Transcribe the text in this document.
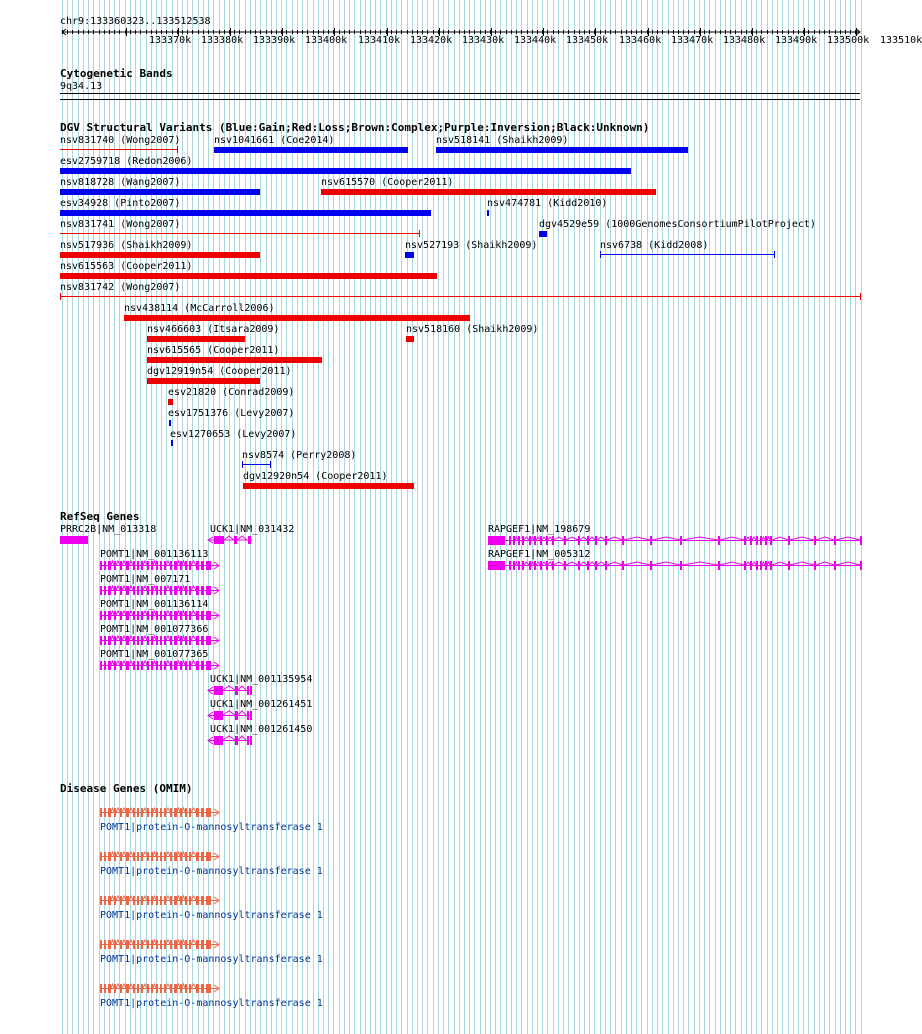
chr9:133360323..133512538
Cytogenetic Bands
9q34.13
DGV Structural Variants (Blue:Gain;Red:Loss;Brown:Complex;Purple:Inversion;Black:Unknown)
nsv831740 (Wong2007)	nsv1041661 (Coe2014)	nsv518141 (Shaikh2009)
esv2759718 (Redon2006)
nsv818728 (Wang2007)	nsv615570 (Cooper2011)
esv34928 (Pinto2007)	nsv474781 (Kidd2010)
nsv831741 (Wong2007)	dgv4529e59 (1000GenomesConsortiumPilotProject)
nsv517936 (Shaikh2009)	nsv527193 (Shaikh2009)	nsv6738 (Kidd2008)
nsv615563 (Cooper2011)
nsv831742 (Wong2007)
nsv438114 (McCarroll2006)
nsv466603 (Itsara2009)	nsv518160 (Shaikh2009)
nsv615565 (Cooper2011)
dgv12919n54 (Cooper2011)
esv21820 (Conrad2009)
esv1751376 (Levy2007)
esv1270653 (Levy2007)
nsv8574 (Perry2008)
dgv12920n54 (Cooper2011)
RefSeq Genes
PRRC2B|NM_013318	UCK1|NM_031432	RAPGEF1|NM_198679
POMT1|NM_001136113	RAPGEF1|NM_005312
POMT1|NM_007171
POMT1|NM_001136114
POMT1|NM_001077366
POMT1|NM_001077365
UCK1|NM_001135954
UCK1|NM_001261451
UCK1|NM_001261450
Disease Genes (OMIM)
POMT1|protein-O-mannosyltransferase 1
POMT1|protein-O-mannosyltransferase 1
POMT1|protein-O-mannosyltransferase 1
POMT1|protein-O-mannosyltransferase 1
POMT1|protein-O-mannosyltransferase 1
133370k 133380k 133390k 133400k 133410k 133420k 133430k 133440k 133450k 133460k 133470k 133480k 133490k 133500k 133510k
